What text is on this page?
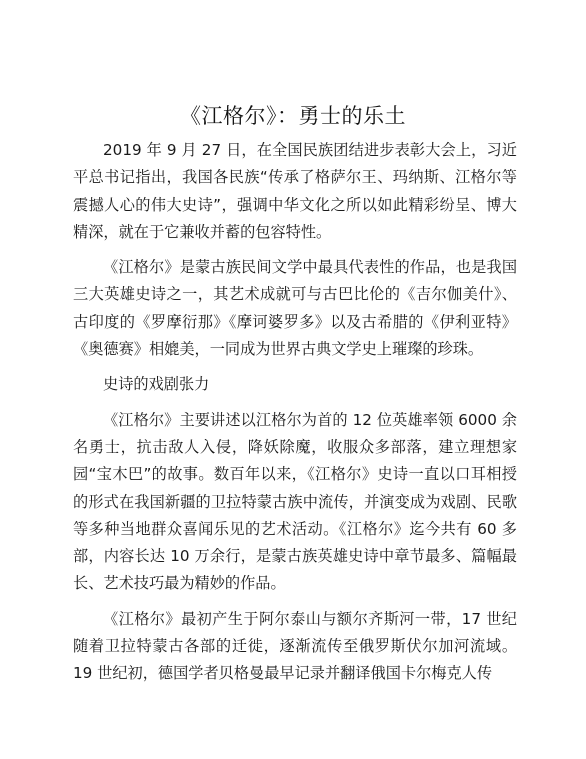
《江格尔》：勇士的乐土

2019 年 9 月 27 日，在全国民族团结进步表彰大会上，习近平总书记指出，我国各民族“传承了格萨尔王、玛纳斯、江格尔等震撼人心的伟大史诗”，强调中华文化之所以如此精彩纷呈、博大精深，就在于它兼收并蓄的包容特性。

《江格尔》是蒙古族民间文学中最具代表性的作品，也是我国三大英雄史诗之一，其艺术成就可与古巴比伦的《吉尔伽美什》、古印度的《罗摩衍那》《摩诃婆罗多》以及古希腊的《伊利亚特》《奥德赛》相媲美，一同成为世界古典文学史上璀璨的珍珠。

史诗的戏剧张力

《江格尔》主要讲述以江格尔为首的 12 位英雄率领 6000 余名勇士，抗击敌人入侵，降妖除魔，收服众多部落，建立理想家园“宝木巴”的故事。数百年以来，《江格尔》史诗一直以口耳相授的形式在我国新疆的卫拉特蒙古族中流传，并演变成为戏剧、民歌等多种当地群众喜闻乐见的艺术活动。《江格尔》迄今共有 60 多部，内容长达 10 万余行，是蒙古族英雄史诗中章节最多、篇幅最长、艺术技巧最为精妙的作品。

《江格尔》最初产生于阿尔泰山与额尔齐斯河一带，17 世纪随着卫拉特蒙古各部的迁徙，逐渐流传至俄罗斯伏尔加河流域。19 世纪初，德国学者贝格曼最早记录并翻译俄国卡尔梅克人传
